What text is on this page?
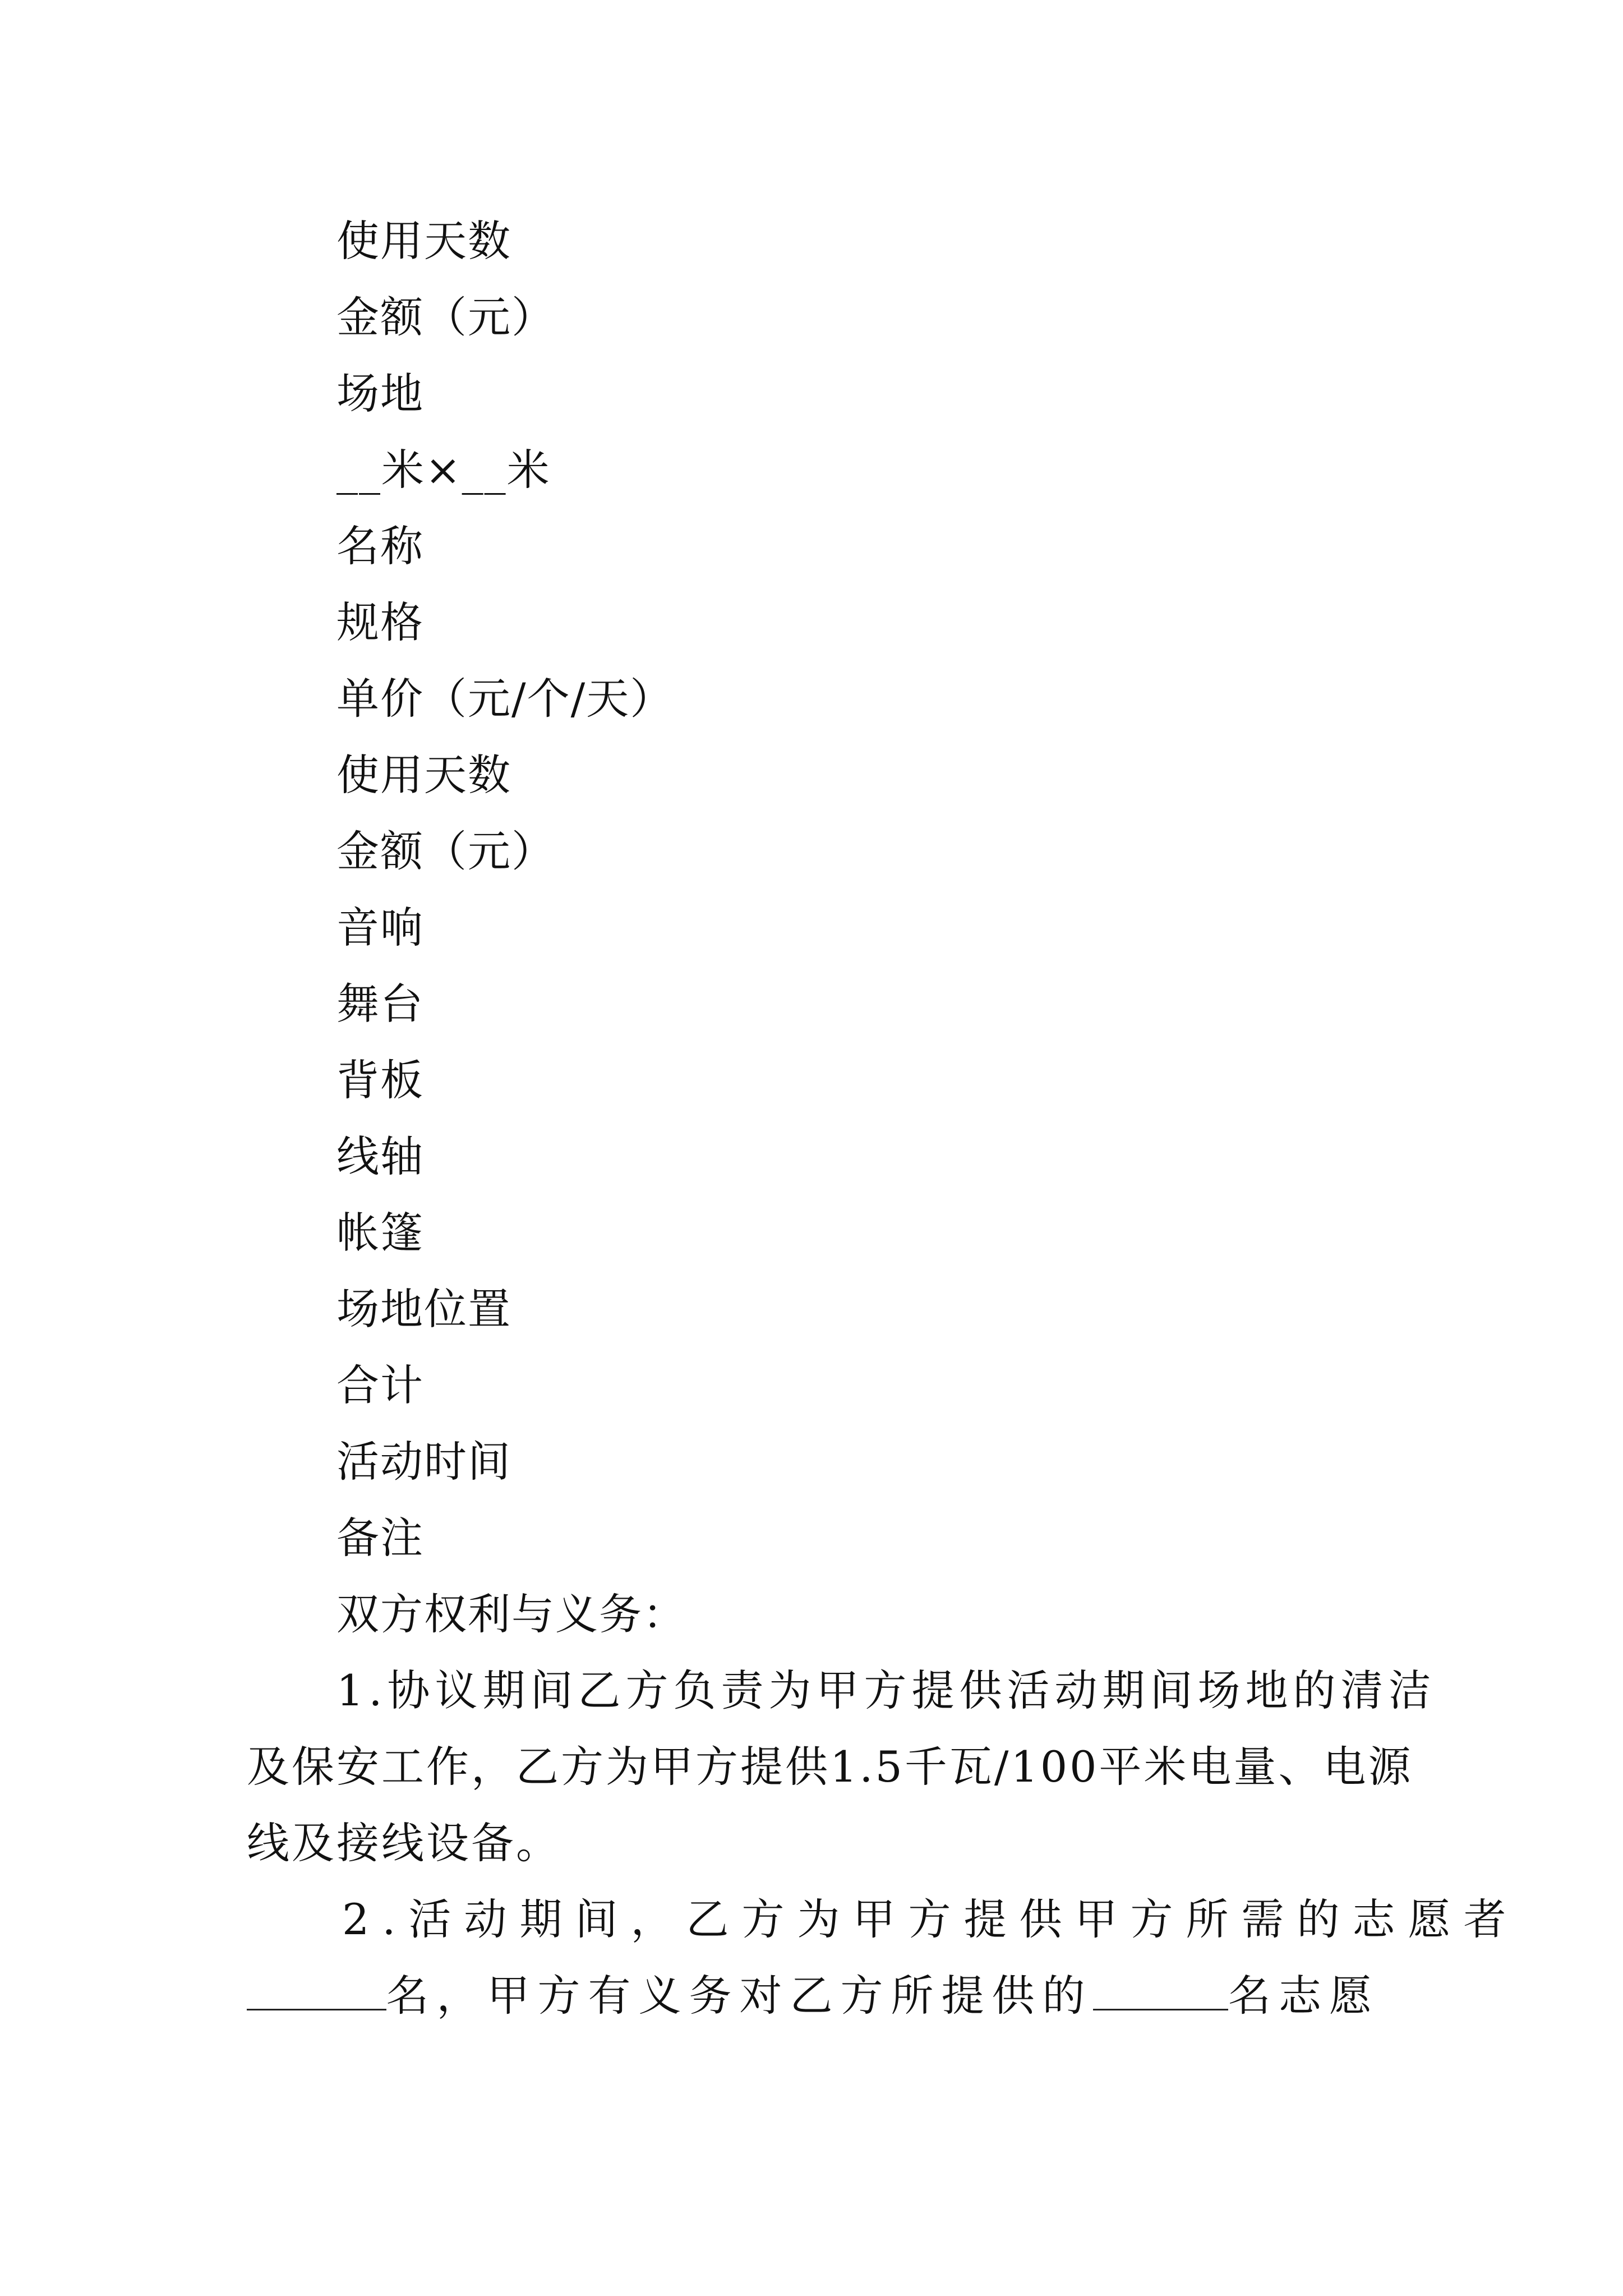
使用天数
金额（元）
场地
__米×__米
名称
规格
单价（元/个/天）
使用天数
金额（元）
音响
舞台
背板
线轴
帐篷
场地位置
合计
活动时间
备注
双方权利与义务：
1.协议期间乙方负责为甲方提供活动期间场地的清洁
及保安工作，乙方为甲方提供1.5千瓦/100平米电量、电源
线及接线设备。
2.活动期间，乙方为甲方提供甲方所需的志愿者
名，甲方有义务对乙方所提供的	名志愿
